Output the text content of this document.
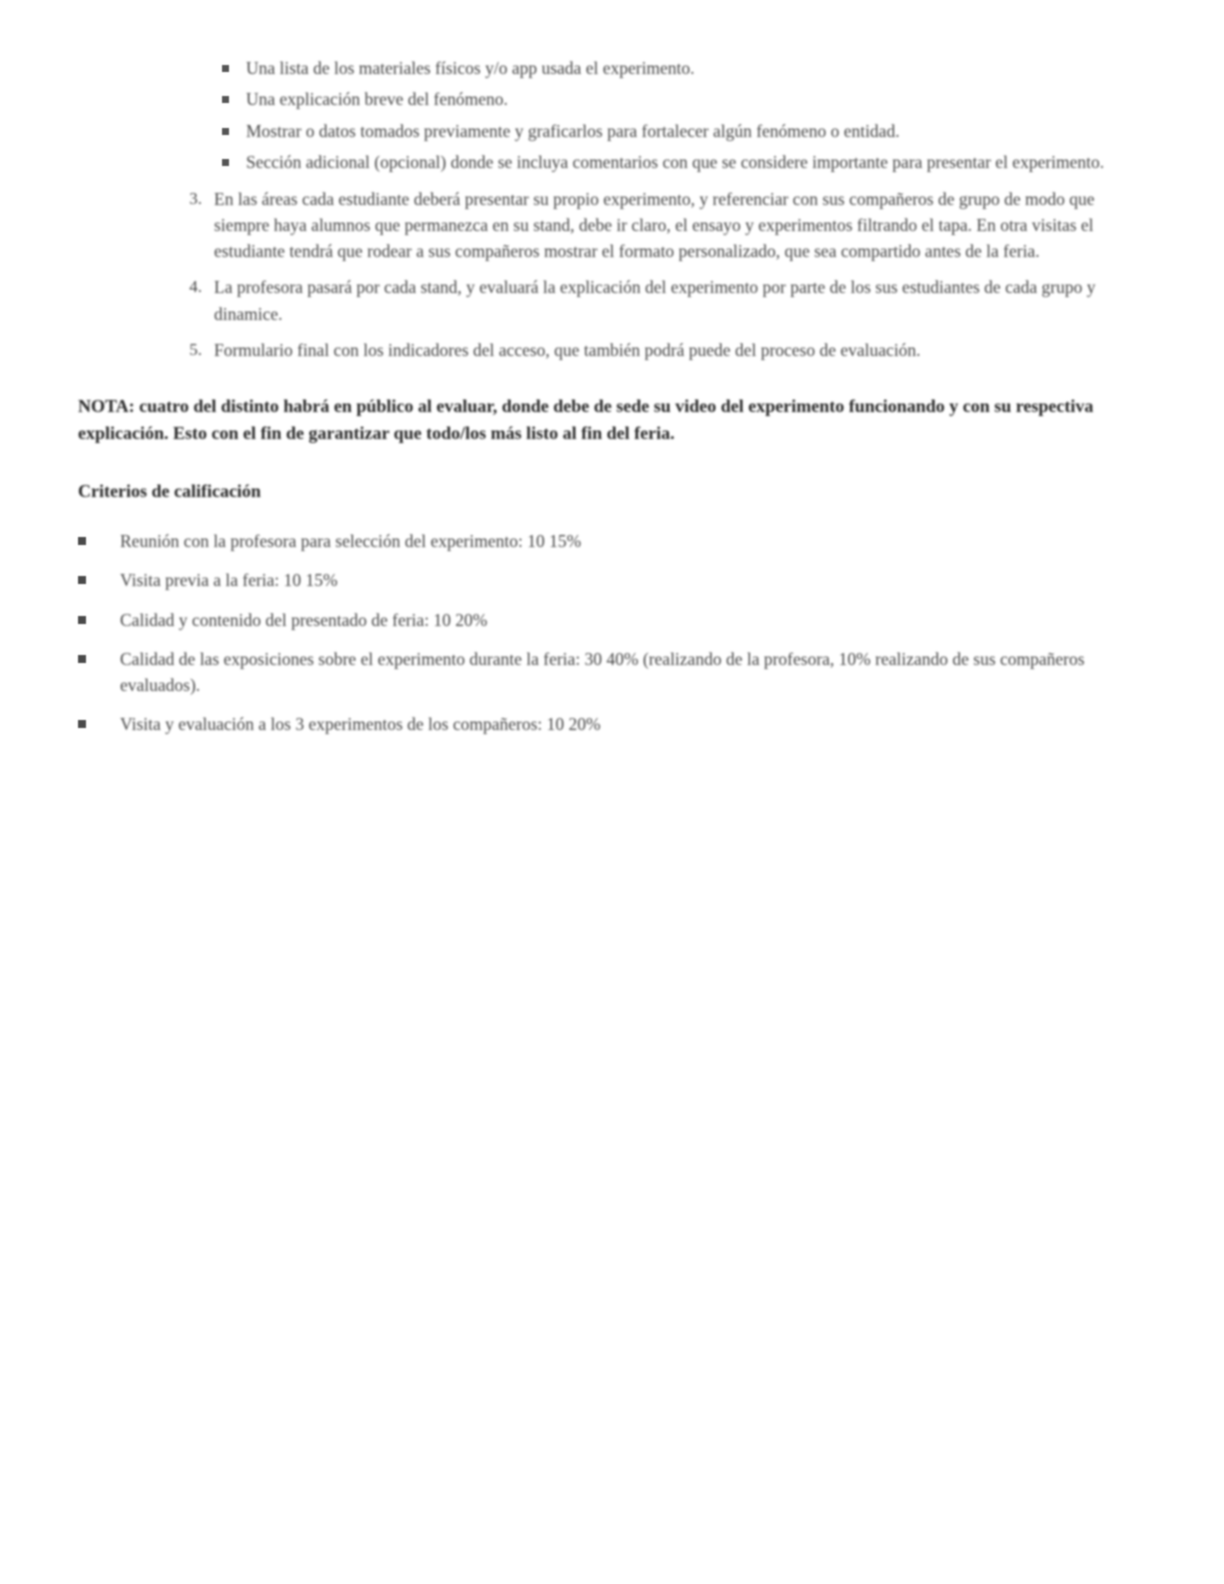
Una lista de los materiales físicos y/o app usada el experimento.
Una explicación breve del fenómeno.
Mostrar o datos tomados previamente y graficarlos para fortalecer algún fenómeno o entidad.
Sección adicional (opcional) donde se incluya comentarios con que se considere importante para presentar el experimento.
3. En las áreas cada estudiante deberá presentar su propio experimento, y referenciar con sus compañeros de grupo de modo que siempre haya alumnos que permanezca en su stand, debe ir claro, el ensayo y experimentos filtrando el tapa. En otra visitas el estudiante tendrá que rodear a sus compañeros mostrar el formato personalizado, que sea compartido antes de la feria.
4. La profesora pasará por cada stand, y evaluará la explicación del experimento por parte de los sus estudiantes de cada grupo y dinamice.
5. Formulario final con los indicadores del acceso, que también podrá puede del proceso de evaluación.

NOTA: cuatro del distinto habrá en público al evaluar, donde debe de sede su video del experimento funcionando y con su respectiva explicación. Esto con el fin de garantizar que todo/los más listo al fin del feria.

Criterios de calificación

Reunión con la profesora para selección del experimento: 10 15%
Visita previa a la feria: 10 15%
Calidad y contenido del presentado de feria: 10 20%
Calidad de las exposiciones sobre el experimento durante la feria: 30 40% (realizando de la profesora, 10% realizando de sus compañeros evaluados).
Visita y evaluación a los 3 experimentos de los compañeros: 10 20%
